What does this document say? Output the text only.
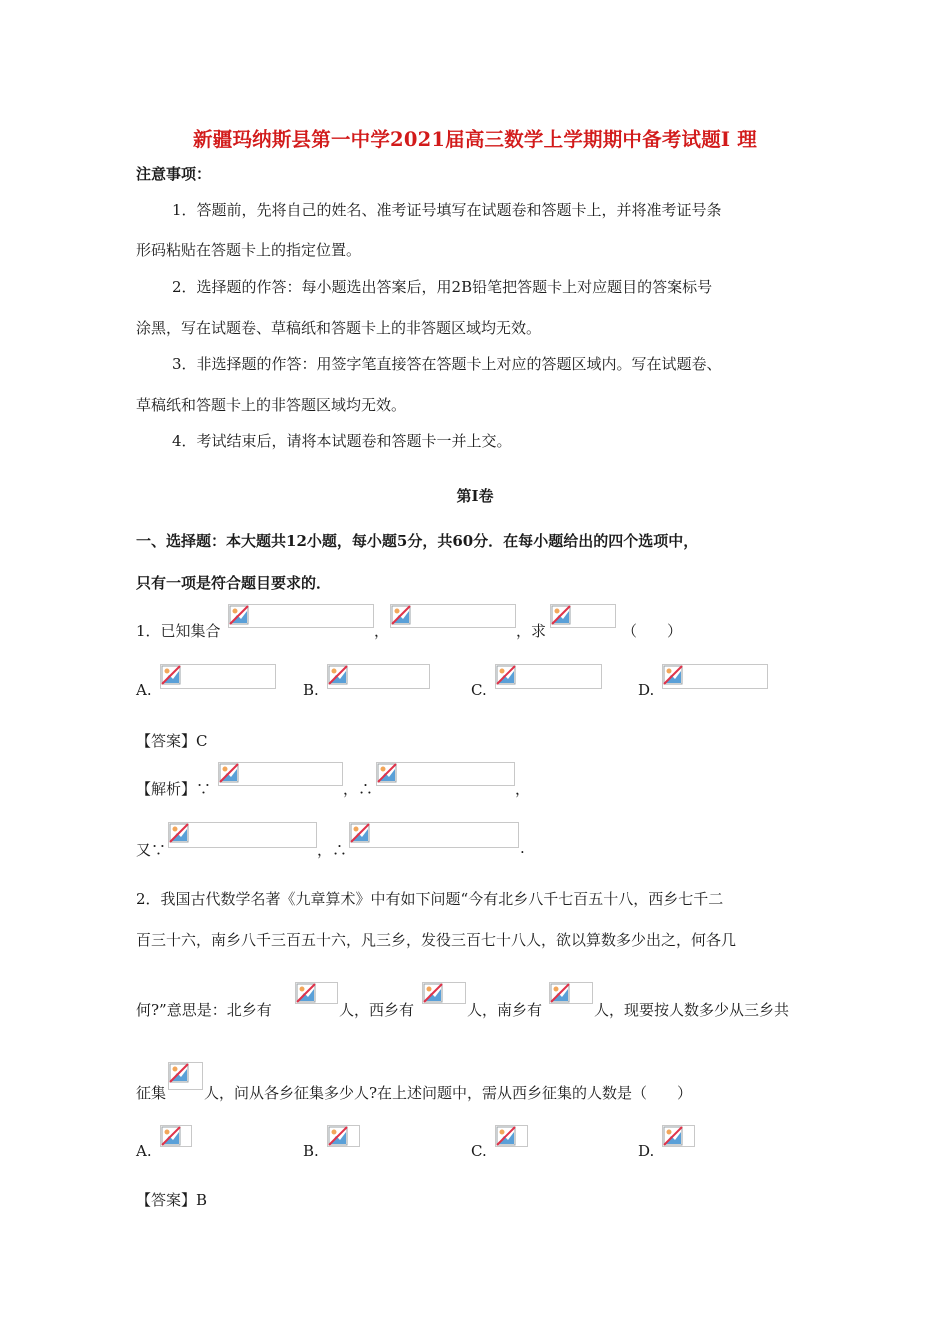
新疆玛纳斯县第一中学2021届高三数学上学期期中备考试题Ⅰ 理
注意事项：
1．答题前，先将自己的姓名、准考证号填写在试题卷和答题卡上，并将准考证号条
形码粘贴在答题卡上的指定位置。
2．选择题的作答：每小题选出答案后，用2B铅笔把答题卡上对应题目的答案标号
涂黑，写在试题卷、草稿纸和答题卡上的非答题区域均无效。
3．非选择题的作答：用签字笔直接答在答题卡上对应的答题区域内。写在试题卷、
草稿纸和答题卡上的非答题区域均无效。
4．考试结束后，请将本试题卷和答题卡一并上交。
第Ⅰ卷
一、选择题：本大题共12小题，每小题5分，共60分．在每小题给出的四个选项中，
只有一项是符合题目要求的．
1．已知集合	，	，求	（　　）
A.	B.	C.	D.
【答案】C
【解析】∵	，∴	，
又∵	，∴	.
2．我国古代数学名著《九章算术》中有如下问题“今有北乡八千七百五十八，西乡七千二
百三十六，南乡八千三百五十六，凡三乡，发役三百七十八人，欲以算数多少出之，何各几
何?”意思是：北乡有	人，西乡有	人，南乡有	人，现要按人数多少从三乡共
征集	人，问从各乡征集多少人?在上述问题中，需从西乡征集的人数是（　　）
A.	B.	C.	D.
【答案】B
